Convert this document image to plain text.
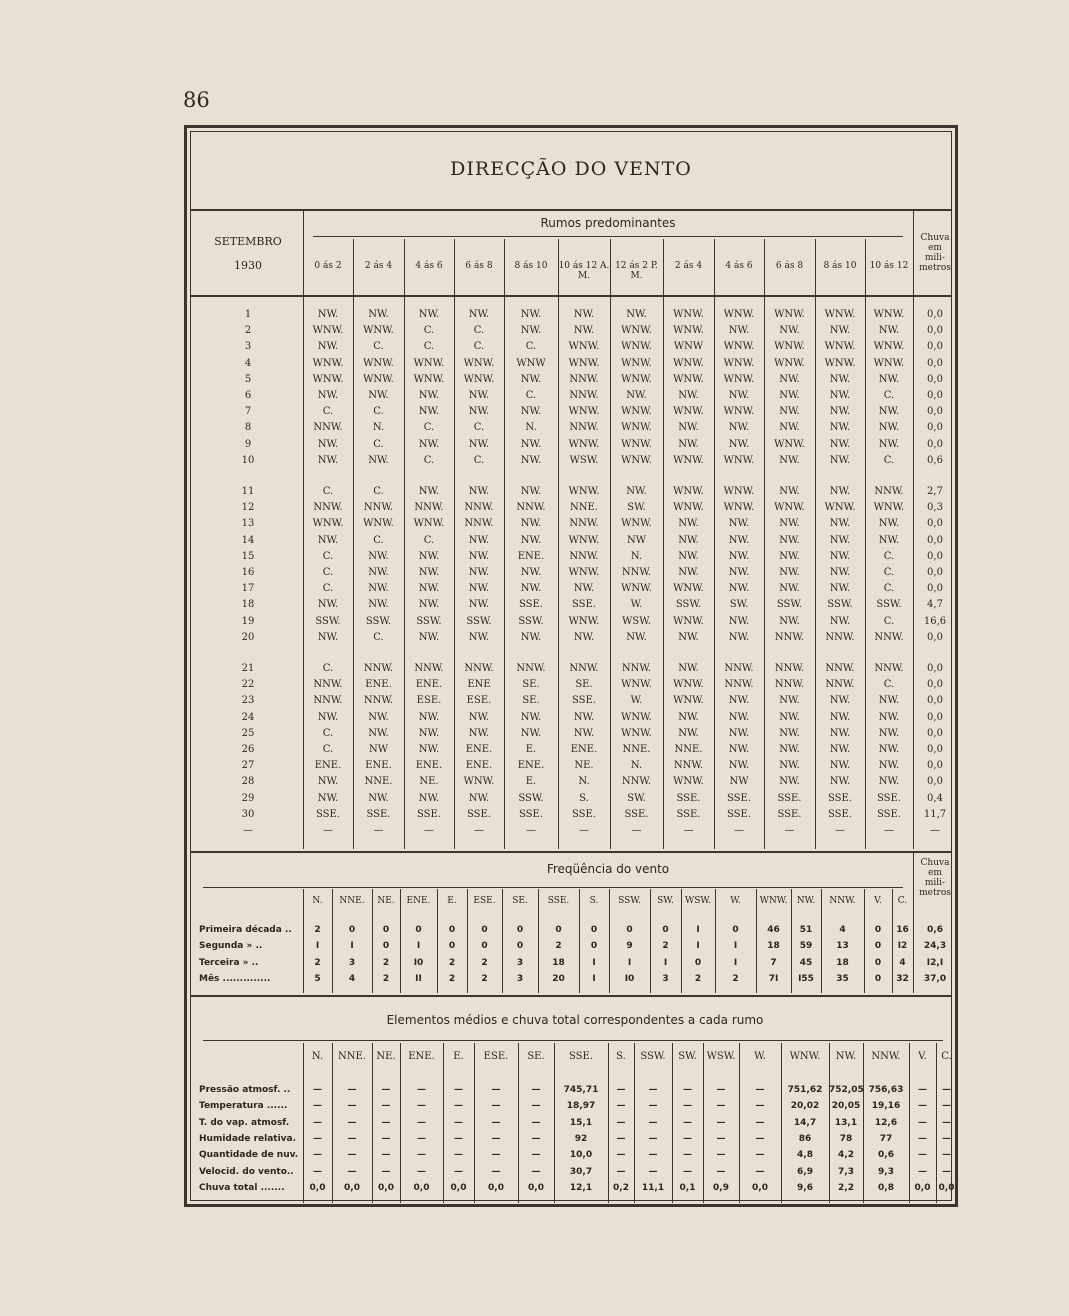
86
DIRECÇÃO DO VENTO
Rumos predominantes
SETEMBRO
1930
Chuva
em
mili-
metros
0 ás 2	2 ás 4	4 ás 6	6 ás 8	8 ás 10	10 ás 12 A. M.
12 ás 2 P. M.
2 ás 4	4 ás 6	6 ás 8	8 ás 10	10 ás 12
1	NW.	NW.	NW.	NW.	NW.	NW.	NW.	WNW.	WNW.	WNW.	WNW.	WNW.	0,0
2	WNW.	WNW.	C.	C.	NW.	NW.	WNW.	WNW.	NW.	NW.	NW.	NW.	0,0
3	NW.	C.	C.	C.	C.	WNW.	WNW.	WNW	WNW.	WNW.	WNW.	WNW.	0,0
4	WNW.	WNW.	WNW.	WNW.	WNW	WNW.	WNW.	WNW.	WNW.	WNW.	WNW.	WNW.	0,0
5	WNW.	WNW.	WNW.	WNW.	NW.	NNW.	WNW.	WNW.	WNW.	NW.	NW.	NW.	0,0
6	NW.	NW.	NW.	NW.	C.	NNW.	NW.	NW.	NW.	NW.	NW.	C.	0,0
7	C.	C.	NW.	NW.	NW.	WNW.	WNW.	WNW.	WNW.	NW.	NW.	NW.	0,0
8	NNW.	N.	C.	C.	N.	NNW.	WNW.	NW.	NW.	NW.	NW.	NW.	0,0
9	NW.	C.	NW.	NW.	NW.	WNW.	WNW.	NW.	NW.	WNW.	NW.	NW.	0,0
10	NW.	NW.	C.	C.	NW.	WSW.	WNW.	WNW.	WNW.	NW.	NW.	C.	0,6
11	C.	C.	NW.	NW.	NW.	WNW.	NW.	WNW.	WNW.	NW.	NW.	NNW.	2,7
12	NNW.	NNW.	NNW.	NNW.	NNW.	NNE.	SW.	WNW.	WNW.	WNW.	WNW.	WNW.	0,3
13	WNW.	WNW.	WNW.	NNW.	NW.	NNW.	WNW.	NW.	NW.	NW.	NW.	NW.	0,0
14	NW.	C.	C.	NW.	NW.	WNW.	NW	NW.	NW.	NW.	NW.	NW.	0,0
15	C.	NW.	NW.	NW.	ENE.	NNW.	N.	NW.	NW.	NW.	NW.	C.	0,0
16	C.	NW.	NW.	NW.	NW.	WNW.	NNW.	NW.	NW.	NW.	NW.	C.	0,0
17	C.	NW.	NW.	NW.	NW.	NW.	WNW.	WNW.	NW.	NW.	NW.	C.	0,0
18	NW.	NW.	NW.	NW.	SSE.	SSE.	W.	SSW.	SW.	SSW.	SSW.	SSW.	4,7
19	SSW.	SSW.	SSW.	SSW.	SSW.	WNW.	WSW.	WNW.	NW.	NW.	NW.	C.	16,6
20	NW.	C.	NW.	NW.	NW.	NW.	NW.	NW.	NW.	NNW.	NNW.	NNW.	0,0
21	C.	NNW.	NNW.	NNW.	NNW.	NNW.	NNW.	NW.	NNW.	NNW.	NNW.	NNW.	0,0
22	NNW.	ENE.	ENE.	ENE	SE.	SE.	WNW.	WNW.	NNW.	NNW.	NNW.	C.	0,0
23	NNW.	NNW.	ESE.	ESE.	SE.	SSE.	W.	WNW.	NW.	NW.	NW.	NW.	0,0
24	NW.	NW.	NW.	NW.	NW.	NW.	WNW.	NW.	NW.	NW.	NW.	NW.	0,0
25	C.	NW.	NW.	NW.	NW.	NW.	WNW.	NW.	NW.	NW.	NW.	NW.	0,0
26	C.	NW	NW.	ENE.	E.	ENE.	NNE.	NNE.	NW.	NW.	NW.	NW.	0,0
27	ENE.	ENE.	ENE.	ENE.	ENE.	NE.	N.	NNW.	NW.	NW.	NW.	NW.	0,0
28	NW.	NNE.	NE.	WNW.	E.	N.	NNW.	WNW.	NW	NW.	NW.	NW.	0,0
29	NW.	NW.	NW.	NW.	SSW.	S.	SW.	SSE.	SSE.	SSE.	SSE.	SSE.	0,4
30	SSE.	SSE.	SSE.	SSE.	SSE.	SSE.	SSE.	SSE.	SSE.	SSE.	SSE.	SSE.	11,7
—	—	—	—	—	—	—	—	—	—	—	—	—	—
Freqüência do vento	Chuva
em
mili-
metros
N.	NNE.	NE.	ENE.	E.	ESE.	SE.	SSE.	S.	SSW.	SW.	WSW.	W.	WNW.	NW.	NNW.	V.	C.
Primeira década ..	2	0	0	0	0	0	0	0	0	0	0	I	0	46	51	4	0	16	0,6
Segunda » ..	I	I	0	I	0	0	0	2	0	9	2	I	I	18	59	13	0	I2	24,3
Terceira » ..	2	3	2	I0	2	2	3	18	I	I	I	0	I	7	45	18	0	4	I2,I
Mês ..............	5	4	2	II	2	2	3	20	I	I0	3	2	2	7I	I55	35	0	32	37,0
Elementos médios e chuva total correspondentes a cada rumo
N.	NNE.	NE.	ENE.	E.	ESE.	SE.	SSE.	S.	SSW.	SW. WSW.	W.	WNW.	NW.	NNW.	V.	C.
Pressão atmosf. ..	—	—	—	—	—	—	—	745,71	—	—	—	—	—	751,62 752,05 756,63	—	—
Temperatura ......	—	—	—	—	—	—	—	18,97	—	—	—	—	—	20,02	20,05	19,16	—	—
T. do vap. atmosf.	—	—	—	—	—	—	—	15,1	—	—	—	—	—	14,7	13,1	12,6	—	—
Humidade relativa.	—	—	—	—	—	—	—	92	—	—	—	—	—	86	78	77	—	—
Quantidade de nuv.	—	—	—	—	—	—	—	10,0	—	—	—	—	—	4,8	4,2	0,6	—	—
Velocid. do vento..	—	—	—	—	—	—	—	30,7	—	—	—	—	—	6,9	7,3	9,3	—	—
Chuva total .......	0,0	0,0	0,0	0,0	0,0	0,0	0,0	12,1	0,2	11,1	0,1	0,9	0,0	9,6	2,2	0,8	0,0 0,0
